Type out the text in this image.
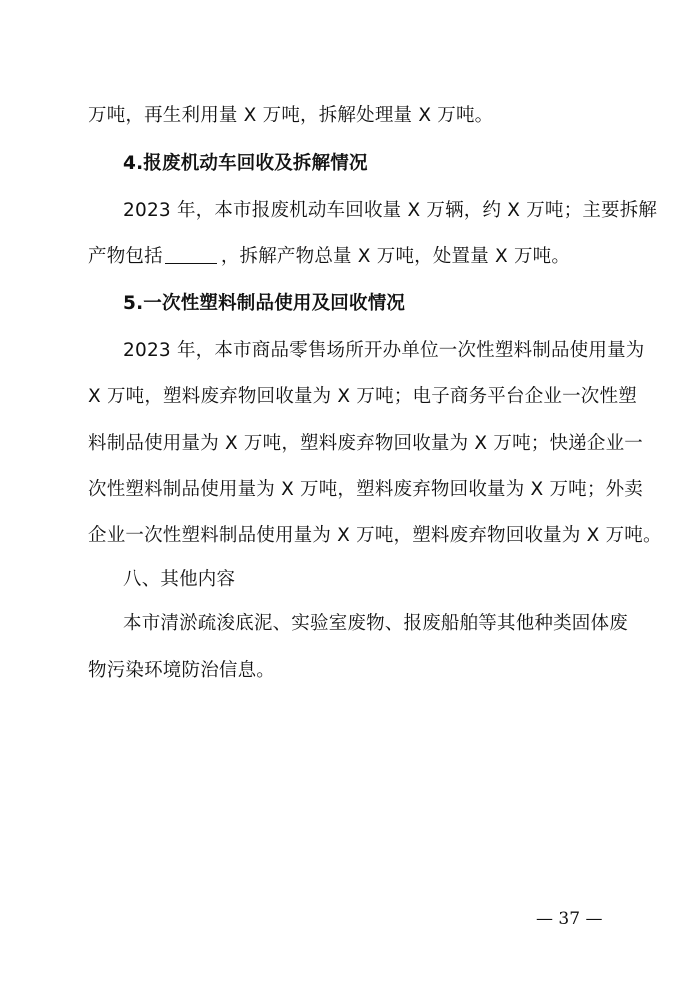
万吨，再生利用量 X 万吨，拆解处理量 X 万吨。
4.报废机动车回收及拆解情况
2023 年，本市报废机动车回收量 X 万辆，约 X 万吨；主要拆解
产物包括	，拆解产物总量 X 万吨，处置量 X 万吨。
5.一次性塑料制品使用及回收情况
2023 年，本市商品零售场所开办单位一次性塑料制品使用量为
X 万吨，塑料废弃物回收量为 X 万吨；电子商务平台企业一次性塑
料制品使用量为 X 万吨，塑料废弃物回收量为 X 万吨；快递企业一
次性塑料制品使用量为 X 万吨，塑料废弃物回收量为 X 万吨；外卖
企业一次性塑料制品使用量为 X 万吨，塑料废弃物回收量为 X 万吨。
八、其他内容
本市清淤疏浚底泥、实验室废物、报废船舶等其他种类固体废
物污染环境防治信息。
— 37 —
